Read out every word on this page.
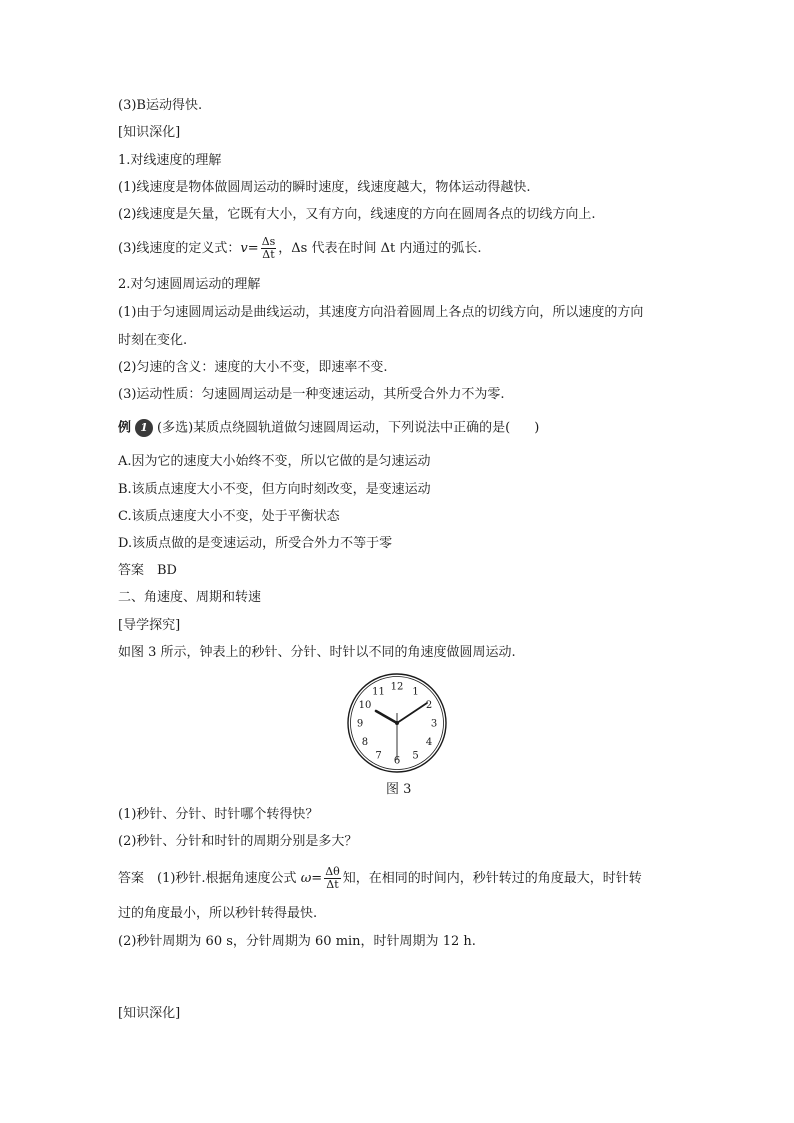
(3)B运动得快.
[知识深化]
1.对线速度的理解
(1)线速度是物体做圆周运动的瞬时速度，线速度越大，物体运动得越快.
(2)线速度是矢量，它既有大小，又有方向，线速度的方向在圆周各点的切线方向上.
(3)线速度的定义式：$v= \frac{\Delta s}{\Delta t}$ ，Δs 代表在时间 Δt 内通过的弧长.
2.对匀速圆周运动的理解
(1)由于匀速圆周运动是曲线运动，其速度方向沿着圆周上各点的切线方向，所以速度的方向
时刻在变化.
(2)匀速的含义：速度的大小不变，即速率不变.
(3)运动性质：匀速圆周运动是一种变速运动，其所受合外力不为零.
例 1 (多选)某质点绕圆轨道做匀速圆周运动，下列说法中正确的是( )
A.因为它的速度大小始终不变，所以它做的是匀速运动
B.该质点速度大小不变，但方向时刻改变，是变速运动
C.该质点速度大小不变，处于平衡状态
D.该质点做的是变速运动，所受合外力不等于零
答案　BD
二、角速度、周期和转速
[导学探究]
如图 3 所示，钟表上的秒针、分针、时针以不同的角速度做圆周运动.
12 1
2
3
4
5
6
7
8
9
10
11
图 3
(1)秒针、分针、时针哪个转得快？
(2)秒针、分针和时针的周期分别是多大？
答案　(1)秒针.根据角速度公式 $\omega= \frac{\Delta\theta}{\Delta t}$ 知，在相同的时间内，秒针转过的角度最大，时针转
过的角度最小，所以秒针转得最快.
(2)秒针周期为 60 s，分针周期为 60 min，时针周期为 12 h.
[知识深化]
